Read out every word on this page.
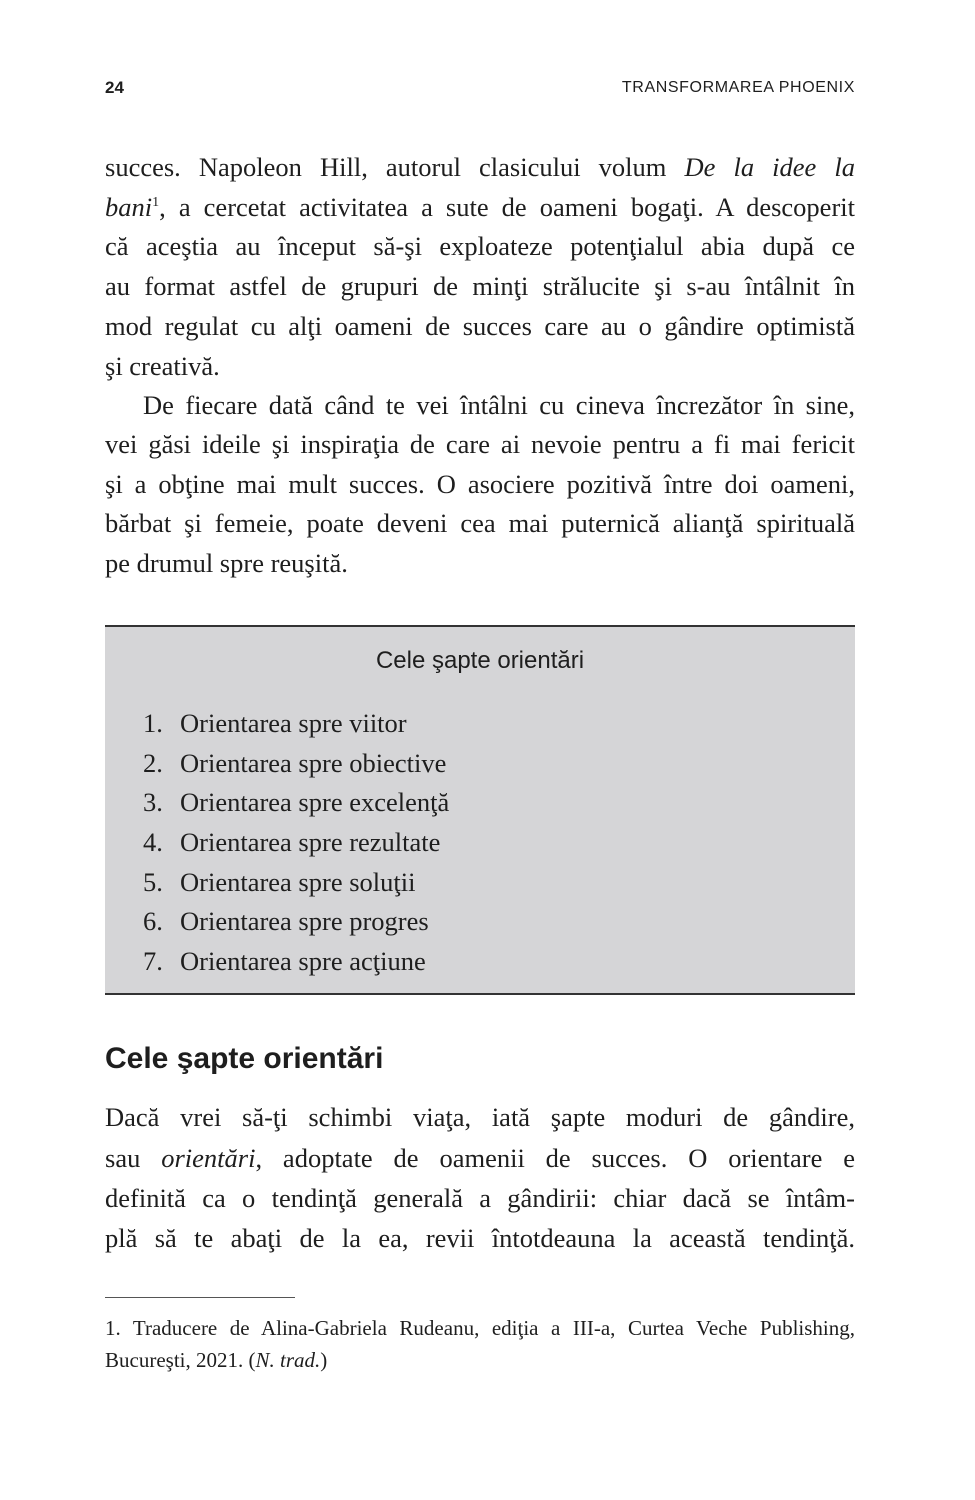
24	TRANSFORMAREA PHOENIX
succes. Napoleon Hill, autorul clasicului volum De la idee la
bani$^1$, a cercetat activitatea a sute de oameni bogaţi. A descoperit
că aceştia au început să-şi exploateze potenţialul abia după ce
au format astfel de grupuri de minţi strălucite şi s-au întâlnit în
mod regulat cu alţi oameni de succes care au o gândire optimistă
şi creativă.
De fiecare dată când te vei întâlni cu cineva încrezător în sine,
vei găsi ideile şi inspiraţia de care ai nevoie pentru a fi mai fericit
şi a obţine mai mult succes. O asociere pozitivă între doi oameni,
bărbat şi femeie, poate deveni cea mai puternică alianţă spirituală
pe drumul spre reuşită.
Cele şapte orientări
1. Orientarea spre viitor
2. Orientarea spre obiective
3. Orientarea spre excelenţă
4. Orientarea spre rezultate
5. Orientarea spre soluţii
6. Orientarea spre progres
7. Orientarea spre acţiune
Cele şapte orientări
Dacă vrei să-ţi schimbi viaţa, iată şapte moduri de gândire,
sau orientări, adoptate de oamenii de succes. O orientare e
definită ca o tendinţă generală a gândirii: chiar dacă se întâm-
plă să te abaţi de la ea, revii întotdeauna la această tendinţă.
1. Traducere de Alina-Gabriela Rudeanu, ediţia a III-a, Curtea Veche Publishing,
Bucureşti, 2021. (N. trad.)
